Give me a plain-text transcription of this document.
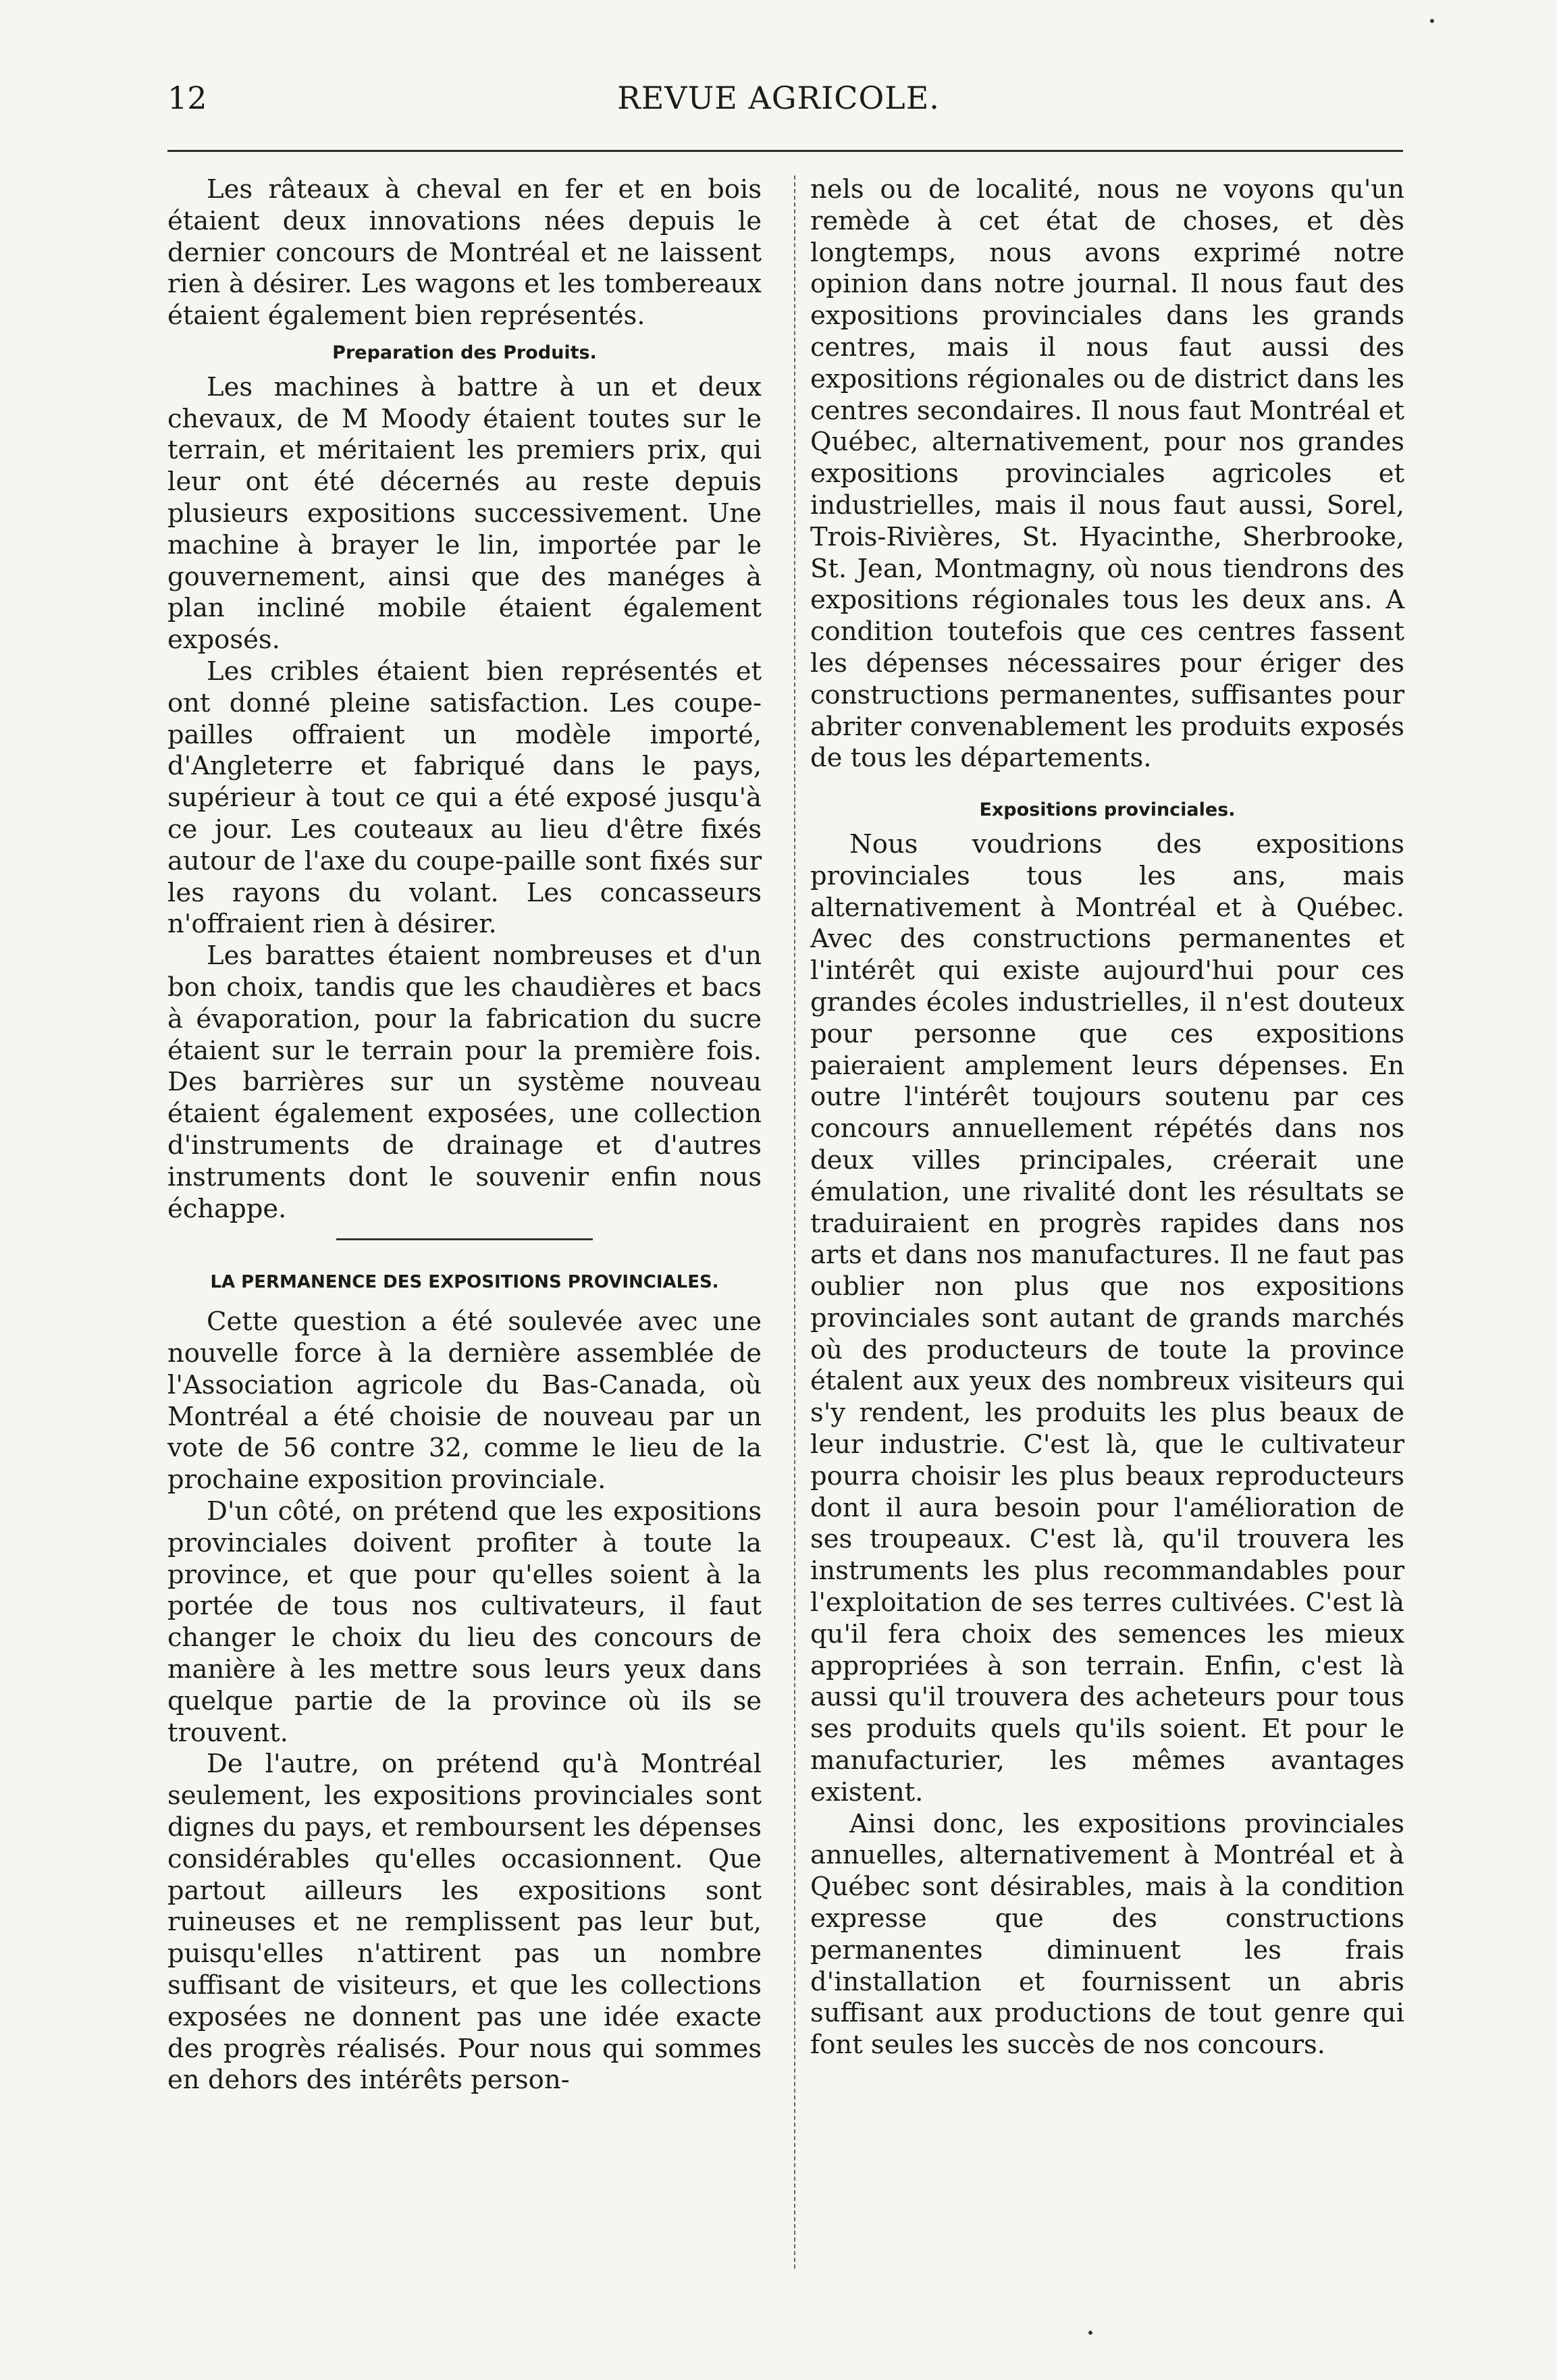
12	REVUE AGRICOLE.

Les râteaux à cheval en fer et en bois étaient deux innovations nées depuis le dernier concours de Montréal et ne laissent rien à désirer. Les wagons et les tombereaux étaient également bien représentés.

Preparation des Produits.

Les machines à battre à un et deux chevaux, de M Moody étaient toutes sur le terrain, et méritaient les premiers prix, qui leur ont été décernés au reste depuis plusieurs expositions successivement. Une machine à brayer le lin, importée par le gouvernement, ainsi que des manéges à plan incliné mobile étaient également exposés.

Les cribles étaient bien représentés et ont donné pleine satisfaction. Les coupe-pailles offraient un modèle importé, d'Angleterre et fabriqué dans le pays, supérieur à tout ce qui a été exposé jusqu'à ce jour. Les couteaux au lieu d'être fixés autour de l'axe du coupe-paille sont fixés sur les rayons du volant. Les concasseurs n'offraient rien à désirer.

Les barattes étaient nombreuses et d'un bon choix, tandis que les chaudières et bacs à évaporation, pour la fabrication du sucre étaient sur le terrain pour la première fois. Des barrières sur un système nouveau étaient également exposées, une collection d'instruments de drainage et d'autres instruments dont le souvenir enfin nous échappe.

LA PERMANENCE DES EXPOSITIONS PROVINCIALES.

Cette question a été soulevée avec une nouvelle force à la dernière assemblée de l'Association agricole du Bas-Canada, où Montréal a été choisie de nouveau par un vote de 56 contre 32, comme le lieu de la prochaine exposition provinciale.

D'un côté, on prétend que les expositions provinciales doivent profiter à toute la province, et que pour qu'elles soient à la portée de tous nos cultivateurs, il faut changer le choix du lieu des concours de manière à les mettre sous leurs yeux dans quelque partie de la province où ils se trouvent.

De l'autre, on prétend qu'à Montréal seulement, les expositions provinciales sont dignes du pays, et remboursent les dépenses considérables qu'elles occasionnent. Que partout ailleurs les expositions sont ruineuses et ne remplissent pas leur but, puisqu'elles n'attirent pas un nombre suffisant de visiteurs, et que les collections exposées ne donnent pas une idée exacte des progrès réalisés. Pour nous qui sommes en dehors des intérêts person-

nels ou de localité, nous ne voyons qu'un remède à cet état de choses, et dès longtemps, nous avons exprimé notre opinion dans notre journal. Il nous faut des expositions provinciales dans les grands centres, mais il nous faut aussi des expositions régionales ou de district dans les centres secondaires. Il nous faut Montréal et Québec, alternativement, pour nos grandes expositions provinciales agricoles et industrielles, mais il nous faut aussi, Sorel, Trois-Rivières, St. Hyacinthe, Sherbrooke, St. Jean, Montmagny, où nous tiendrons des expositions régionales tous les deux ans. A condition toutefois que ces centres fassent les dépenses nécessaires pour ériger des constructions permanentes, suffisantes pour abriter convenablement les produits exposés de tous les départements.

Expositions provinciales.

Nous voudrions des expositions provinciales tous les ans, mais alternativement à Montréal et à Québec. Avec des constructions permanentes et l'intérêt qui existe aujourd'hui pour ces grandes écoles industrielles, il n'est douteux pour personne que ces expositions paieraient amplement leurs dépenses. En outre l'intérêt toujours soutenu par ces concours annuellement répétés dans nos deux villes principales, créerait une émulation, une rivalité dont les résultats se traduiraient en progrès rapides dans nos arts et dans nos manufactures. Il ne faut pas oublier non plus que nos expositions provinciales sont autant de grands marchés où des producteurs de toute la province étalent aux yeux des nombreux visiteurs qui s'y rendent, les produits les plus beaux de leur industrie. C'est là, que le cultivateur pourra choisir les plus beaux reproducteurs dont il aura besoin pour l'amélioration de ses troupeaux. C'est là, qu'il trouvera les instruments les plus recommandables pour l'exploitation de ses terres cultivées. C'est là qu'il fera choix des semences les mieux appropriées à son terrain. Enfin, c'est là aussi qu'il trouvera des acheteurs pour tous ses produits quels qu'ils soient. Et pour le manufacturier, les mêmes avantages existent.

Ainsi donc, les expositions provinciales annuelles, alternativement à Montréal et à Québec sont désirables, mais à la condition expresse que des constructions permanentes diminuent les frais d'installation et fournissent un abris suffisant aux productions de tout genre qui font seules les succès de nos concours.
